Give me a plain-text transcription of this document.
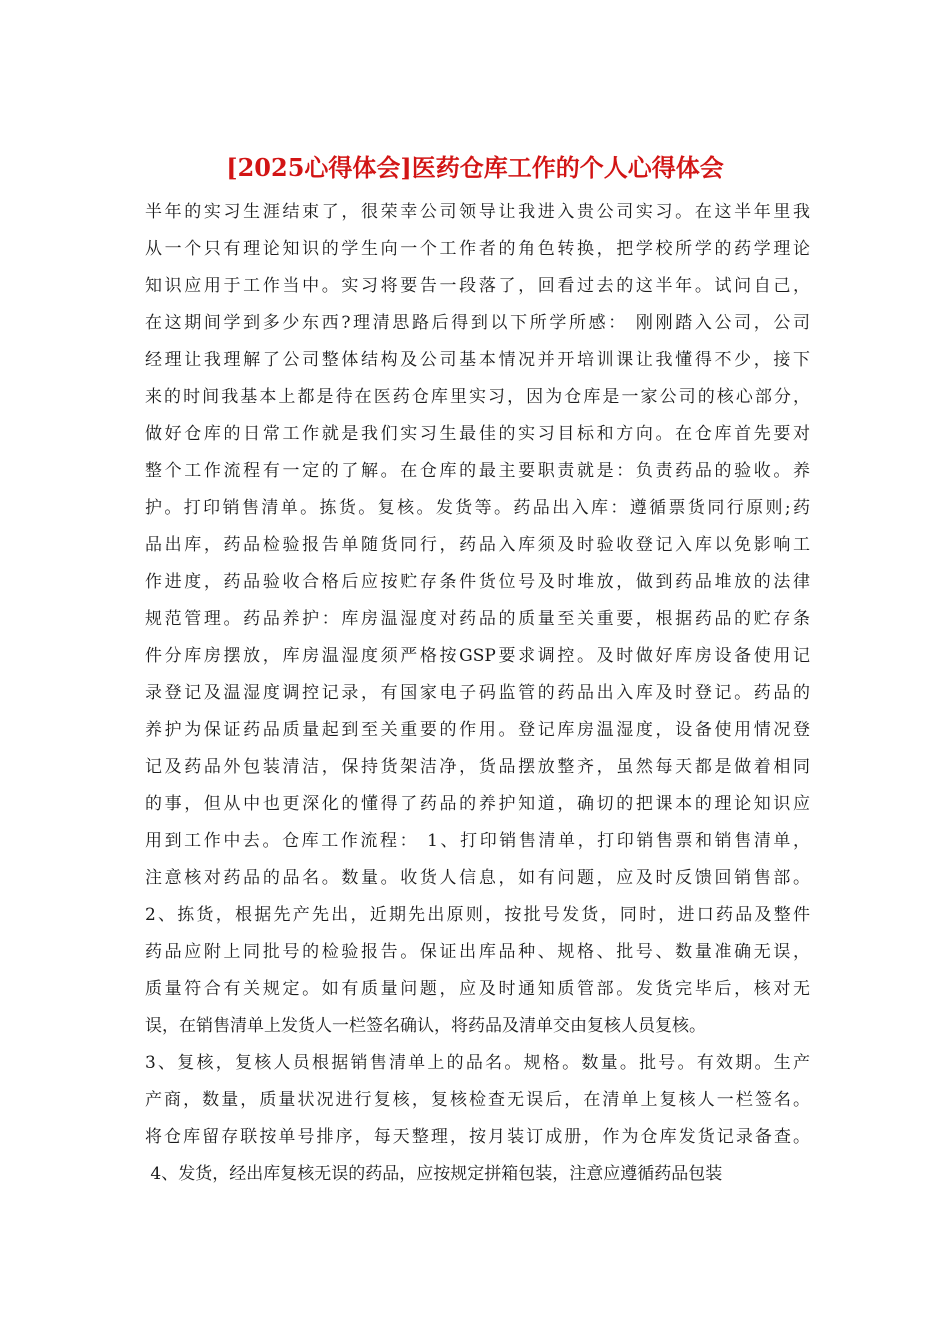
[2025心得体会]医药仓库工作的个人心得体会
半年的实习生涯结束了，很荣幸公司领导让我进入贵公司实习。在这半年里我
从一个只有理论知识的学生向一个工作者的角色转换，把学校所学的药学理论
知识应用于工作当中。实习将要告一段落了，回看过去的这半年。试问自己，
在这期间学到多少东西?理清思路后得到以下所学所感： 刚刚踏入公司，公司
经理让我理解了公司整体结构及公司基本情况并开培训课让我懂得不少，接下
来的时间我基本上都是待在医药仓库里实习，因为仓库是一家公司的核心部分，
做好仓库的日常工作就是我们实习生最佳的实习目标和方向。在仓库首先要对
整个工作流程有一定的了解。在仓库的最主要职责就是：负责药品的验收。养
护。打印销售清单。拣货。复核。发货等。药品出入库：遵循票货同行原则;药
品出库，药品检验报告单随货同行，药品入库须及时验收登记入库以免影响工
作进度，药品验收合格后应按贮存条件货位号及时堆放，做到药品堆放的法律
规范管理。药品养护：库房温湿度对药品的质量至关重要，根据药品的贮存条
件分库房摆放，库房温湿度须严格按GSP要求调控。及时做好库房设备使用记
录登记及温湿度调控记录，有国家电子码监管的药品出入库及时登记。药品的
养护为保证药品质量起到至关重要的作用。登记库房温湿度，设备使用情况登
记及药品外包装清洁，保持货架洁净，货品摆放整齐，虽然每天都是做着相同
的事，但从中也更深化的懂得了药品的养护知道，确切的把课本的理论知识应
用到工作中去。仓库工作流程： 1、打印销售清单，打印销售票和销售清单，
注意核对药品的品名。数量。收货人信息，如有问题，应及时反馈回销售部。
2、拣货，根据先产先出，近期先出原则，按批号发货，同时，进口药品及整件
药品应附上同批号的检验报告。保证出库品种、规格、批号、数量准确无误，
质量符合有关规定。如有质量问题，应及时通知质管部。发货完毕后，核对无
误，在销售清单上发货人一栏签名确认，将药品及清单交由复核人员复核。
3、复核，复核人员根据销售清单上的品名。规格。数量。批号。有效期。生产
产商，数量，质量状况进行复核，复核检查无误后，在清单上复核人一栏签名。
将仓库留存联按单号排序，每天整理，按月装订成册，作为仓库发货记录备查。
4、发货，经出库复核无误的药品，应按规定拼箱包装，注意应遵循药品包装
